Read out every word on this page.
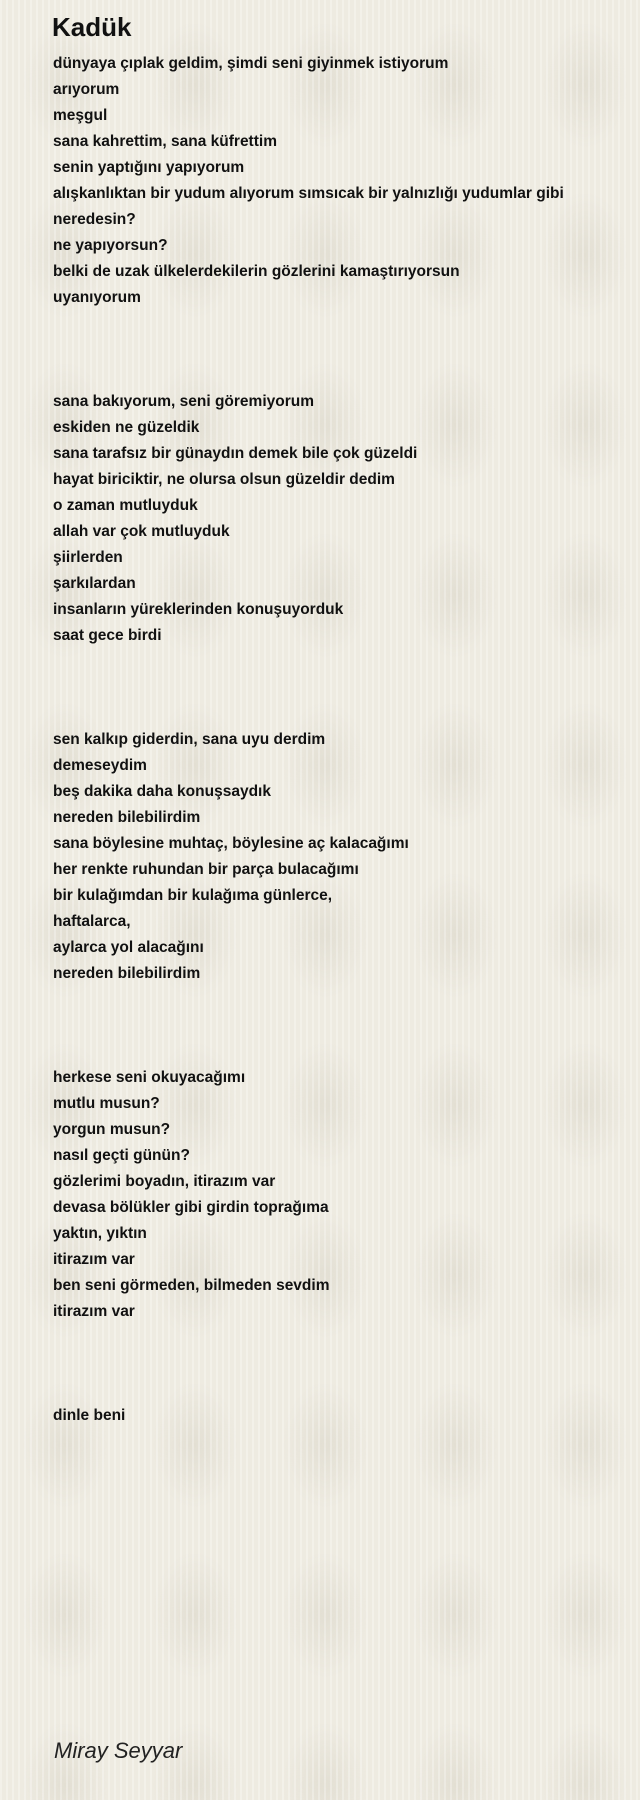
Kadük
dünyaya çıplak geldim, şimdi seni giyinmek istiyorum
arıyorum
meşgul
sana kahrettim, sana küfrettim
senin yaptığını yapıyorum
alışkanlıktan bir yudum alıyorum sımsıcak bir yalnızlığı yudumlar gibi
neredesin?
ne yapıyorsun?
belki de uzak ülkelerdekilerin gözlerini kamaştırıyorsun
uyanıyorum
sana bakıyorum, seni göremiyorum
eskiden ne güzeldik
sana tarafsız bir günaydın demek bile çok güzeldi
hayat biriciktir, ne olursa olsun güzeldir dedim
o zaman mutluyduk
allah var çok mutluyduk
şiirlerden
şarkılardan
insanların yüreklerinden konuşuyorduk
saat gece birdi
sen kalkıp giderdin, sana uyu derdim
demeseydim
beş dakika daha konuşsaydık
nereden bilebilirdim
sana böylesine muhtaç, böylesine aç kalacağımı
her renkte ruhundan bir parça bulacağımı
bir kulağımdan bir kulağıma günlerce,
haftalarca,
aylarca yol alacağını
nereden bilebilirdim
herkese seni okuyacağımı
mutlu musun?
yorgun musun?
nasıl geçti günün?
gözlerimi boyadın, itirazım var
devasa bölükler gibi girdin toprağıma
yaktın, yıktın
itirazım var
ben seni görmeden, bilmeden sevdim
itirazım var
dinle beni
Miray Seyyar
